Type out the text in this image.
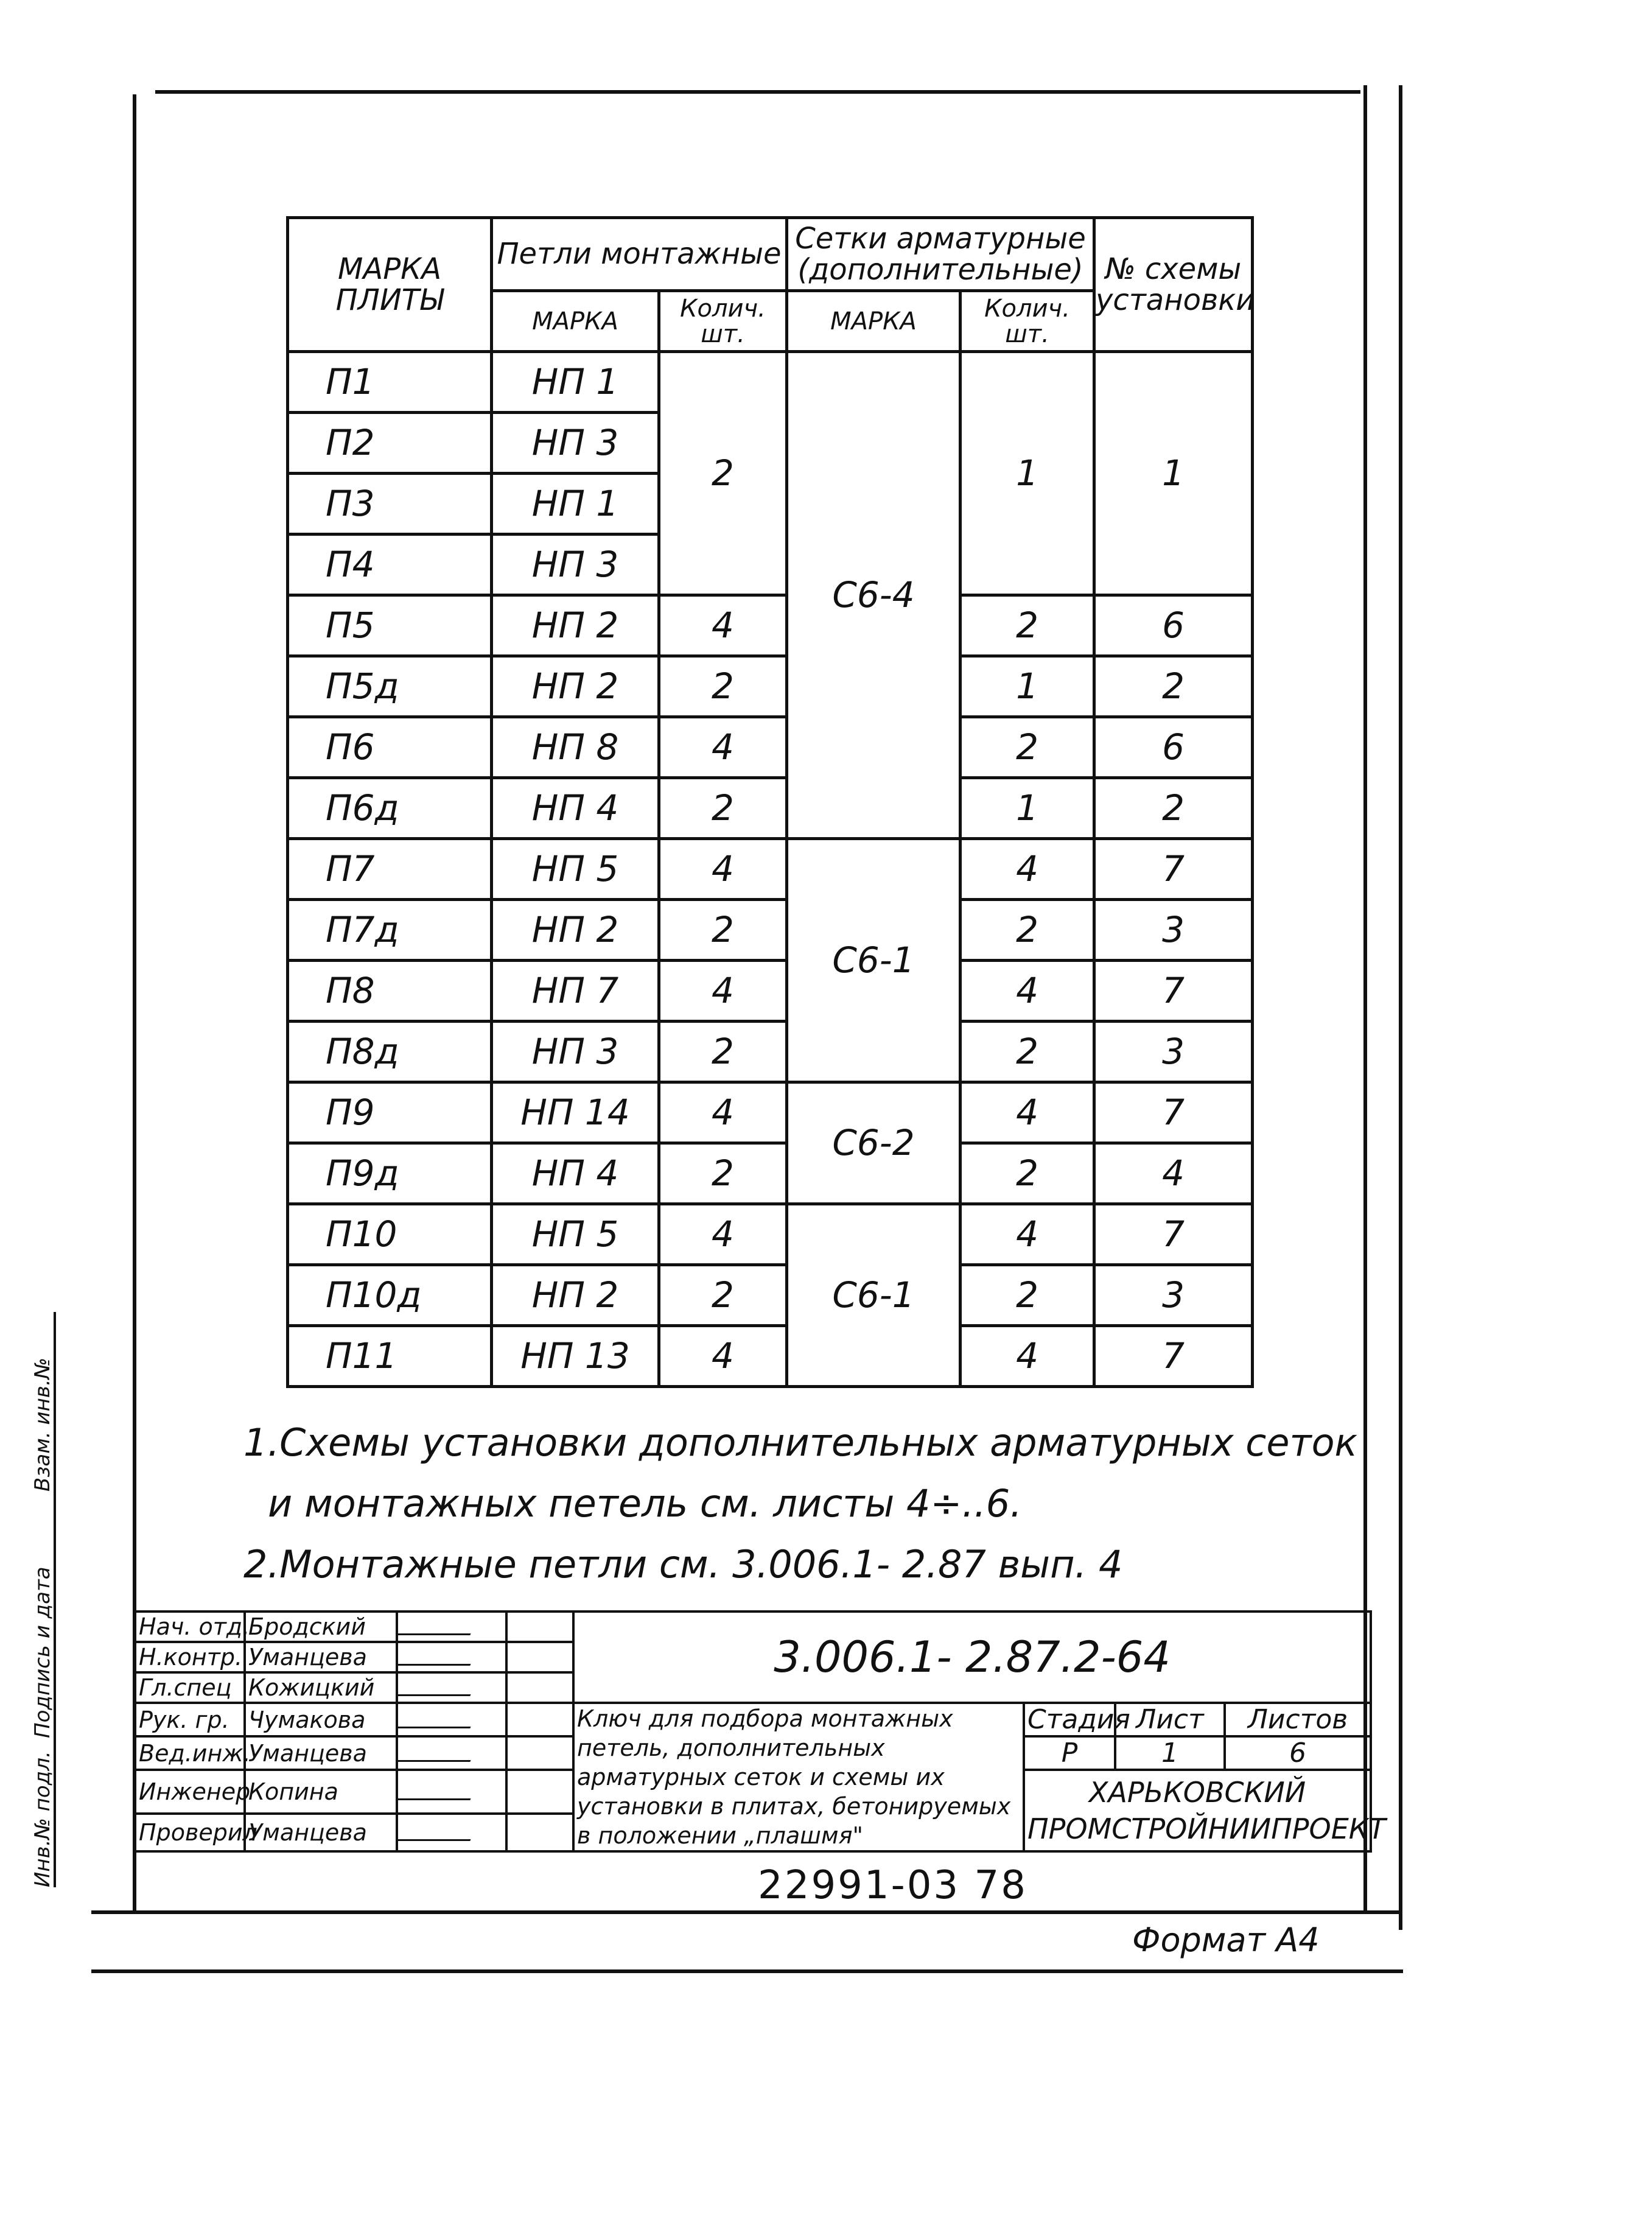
МАРКА ПЛИТЫ	Петли монтажные		Сетки арматурные (дополнительные)		№ схемы установки
	МАРКА	Колич. шт.	МАРКА	Колич. шт.	
П1	НП 1	2	С6-4	1	1
П2	НП 3				
П3	НП 1				
П4	НП 3				
П5	НП 2	4		2	6
П5д	НП 2	2		1	2
П6	НП 8	4		2	6
П6д	НП 4	2		1	2
П7	НП 5	4	С6-1	4	7
П7д	НП 2	2		2	3
П8	НП 7	4		4	7
П8д	НП 3	2		2	3
П9	НП 14	4	С6-2	4	7
П9д	НП 4	2		2	4
П10	НП 5	4	С6-1	4	7
П10д	НП 2	2		2	3
П11	НП 13	4		4	7
1.Схемы установки дополнительных арматурных сеток
и монтажных петель см. листы 4÷..6.
2.Монтажные петли см. 3.006.1- 2.87 вып. 4
Инв.№ подл.
Подпись и дата
Взам. инв.№
Нач. отд.	Бродский			3.006.1- 2.87.2-64			
Н.контр.	Уманцева						
Гл.спец	Кожицкий						
Рук. гр.	Чумакова			Ключ для подбора монтажных петель, дополнительных арматурных сеток и схемы их установки в плитах, бетонируемых в положении „плашмя"	Стадия	Лист	Листов
Вед.инж.	Уманцева				Р	1	6
Инженер	Копина				ХАРЬКОВСКИЙ ПРОМСТРОЙНИИПРОЕКТ		
Проверил	Уманцева						
22991-03 78
Формат А4
